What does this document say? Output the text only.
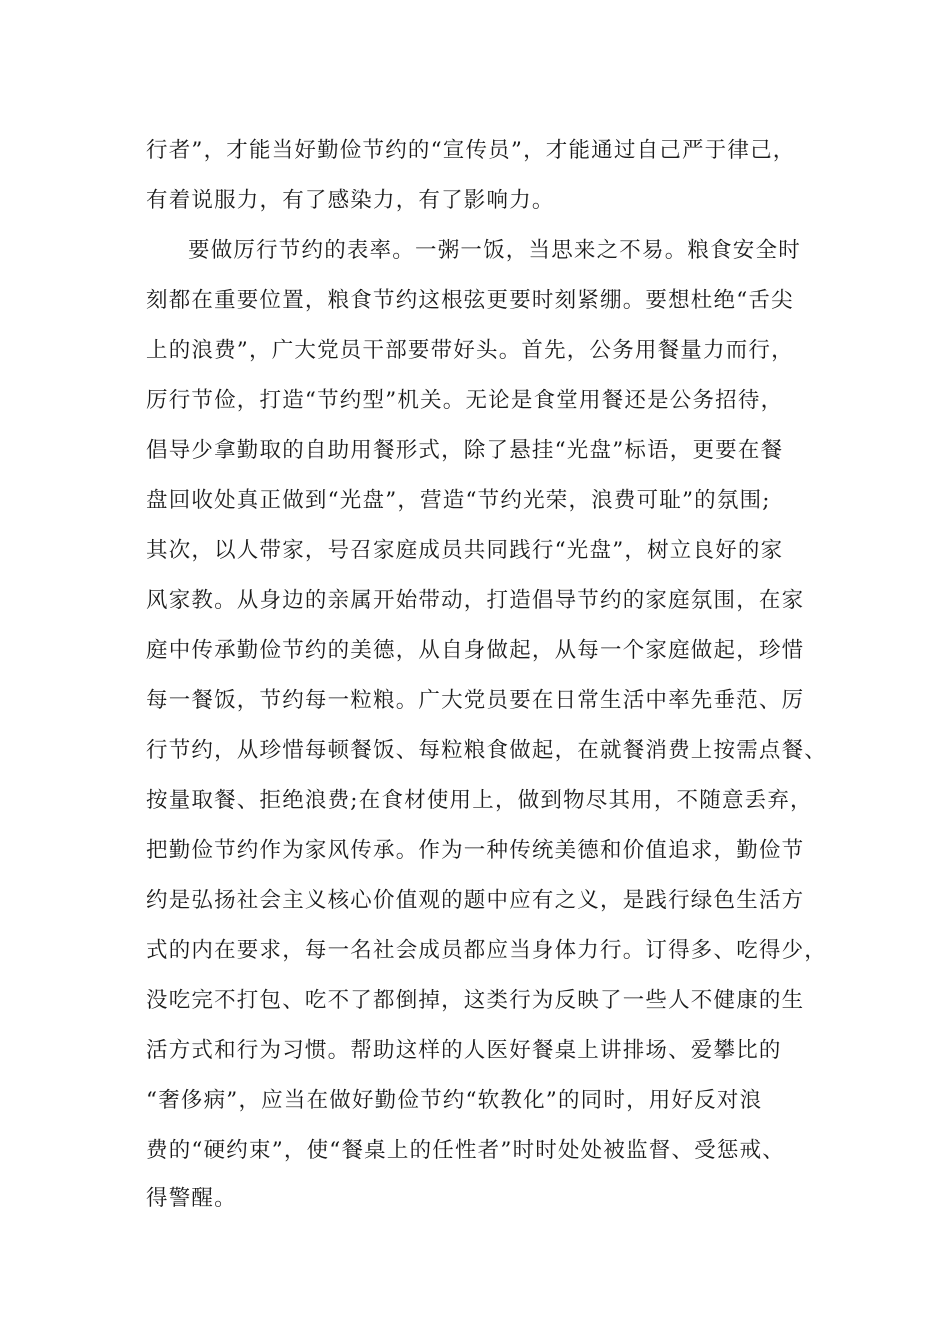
行者”，才能当好勤俭节约的“宣传员”，才能通过自己严于律己，
有着说服力，有了感染力，有了影响力。
要做厉行节约的表率。一粥一饭，当思来之不易。粮食安全时
刻都在重要位置，粮食节约这根弦更要时刻紧绷。要想杜绝“舌尖
上的浪费”，广大党员干部要带好头。首先，公务用餐量力而行，
厉行节俭，打造“节约型”机关。无论是食堂用餐还是公务招待，
倡导少拿勤取的自助用餐形式，除了悬挂“光盘”标语，更要在餐
盘回收处真正做到“光盘”，营造“节约光荣，浪费可耻”的氛围;
其次，以人带家，号召家庭成员共同践行“光盘”，树立良好的家
风家教。从身边的亲属开始带动，打造倡导节约的家庭氛围，在家
庭中传承勤俭节约的美德，从自身做起，从每一个家庭做起，珍惜
每一餐饭，节约每一粒粮。广大党员要在日常生活中率先垂范、厉
行节约，从珍惜每顿餐饭、每粒粮食做起，在就餐消费上按需点餐、
按量取餐、拒绝浪费;在食材使用上，做到物尽其用，不随意丢弃，
把勤俭节约作为家风传承。作为一种传统美德和价值追求，勤俭节
约是弘扬社会主义核心价值观的题中应有之义，是践行绿色生活方
式的内在要求，每一名社会成员都应当身体力行。订得多、吃得少，
没吃完不打包、吃不了都倒掉，这类行为反映了一些人不健康的生
活方式和行为习惯。帮助这样的人医好餐桌上讲排场、爱攀比的
“奢侈病”，应当在做好勤俭节约“软教化”的同时，用好反对浪
费的“硬约束”，使“餐桌上的任性者”时时处处被监督、受惩戒、
得警醒。
